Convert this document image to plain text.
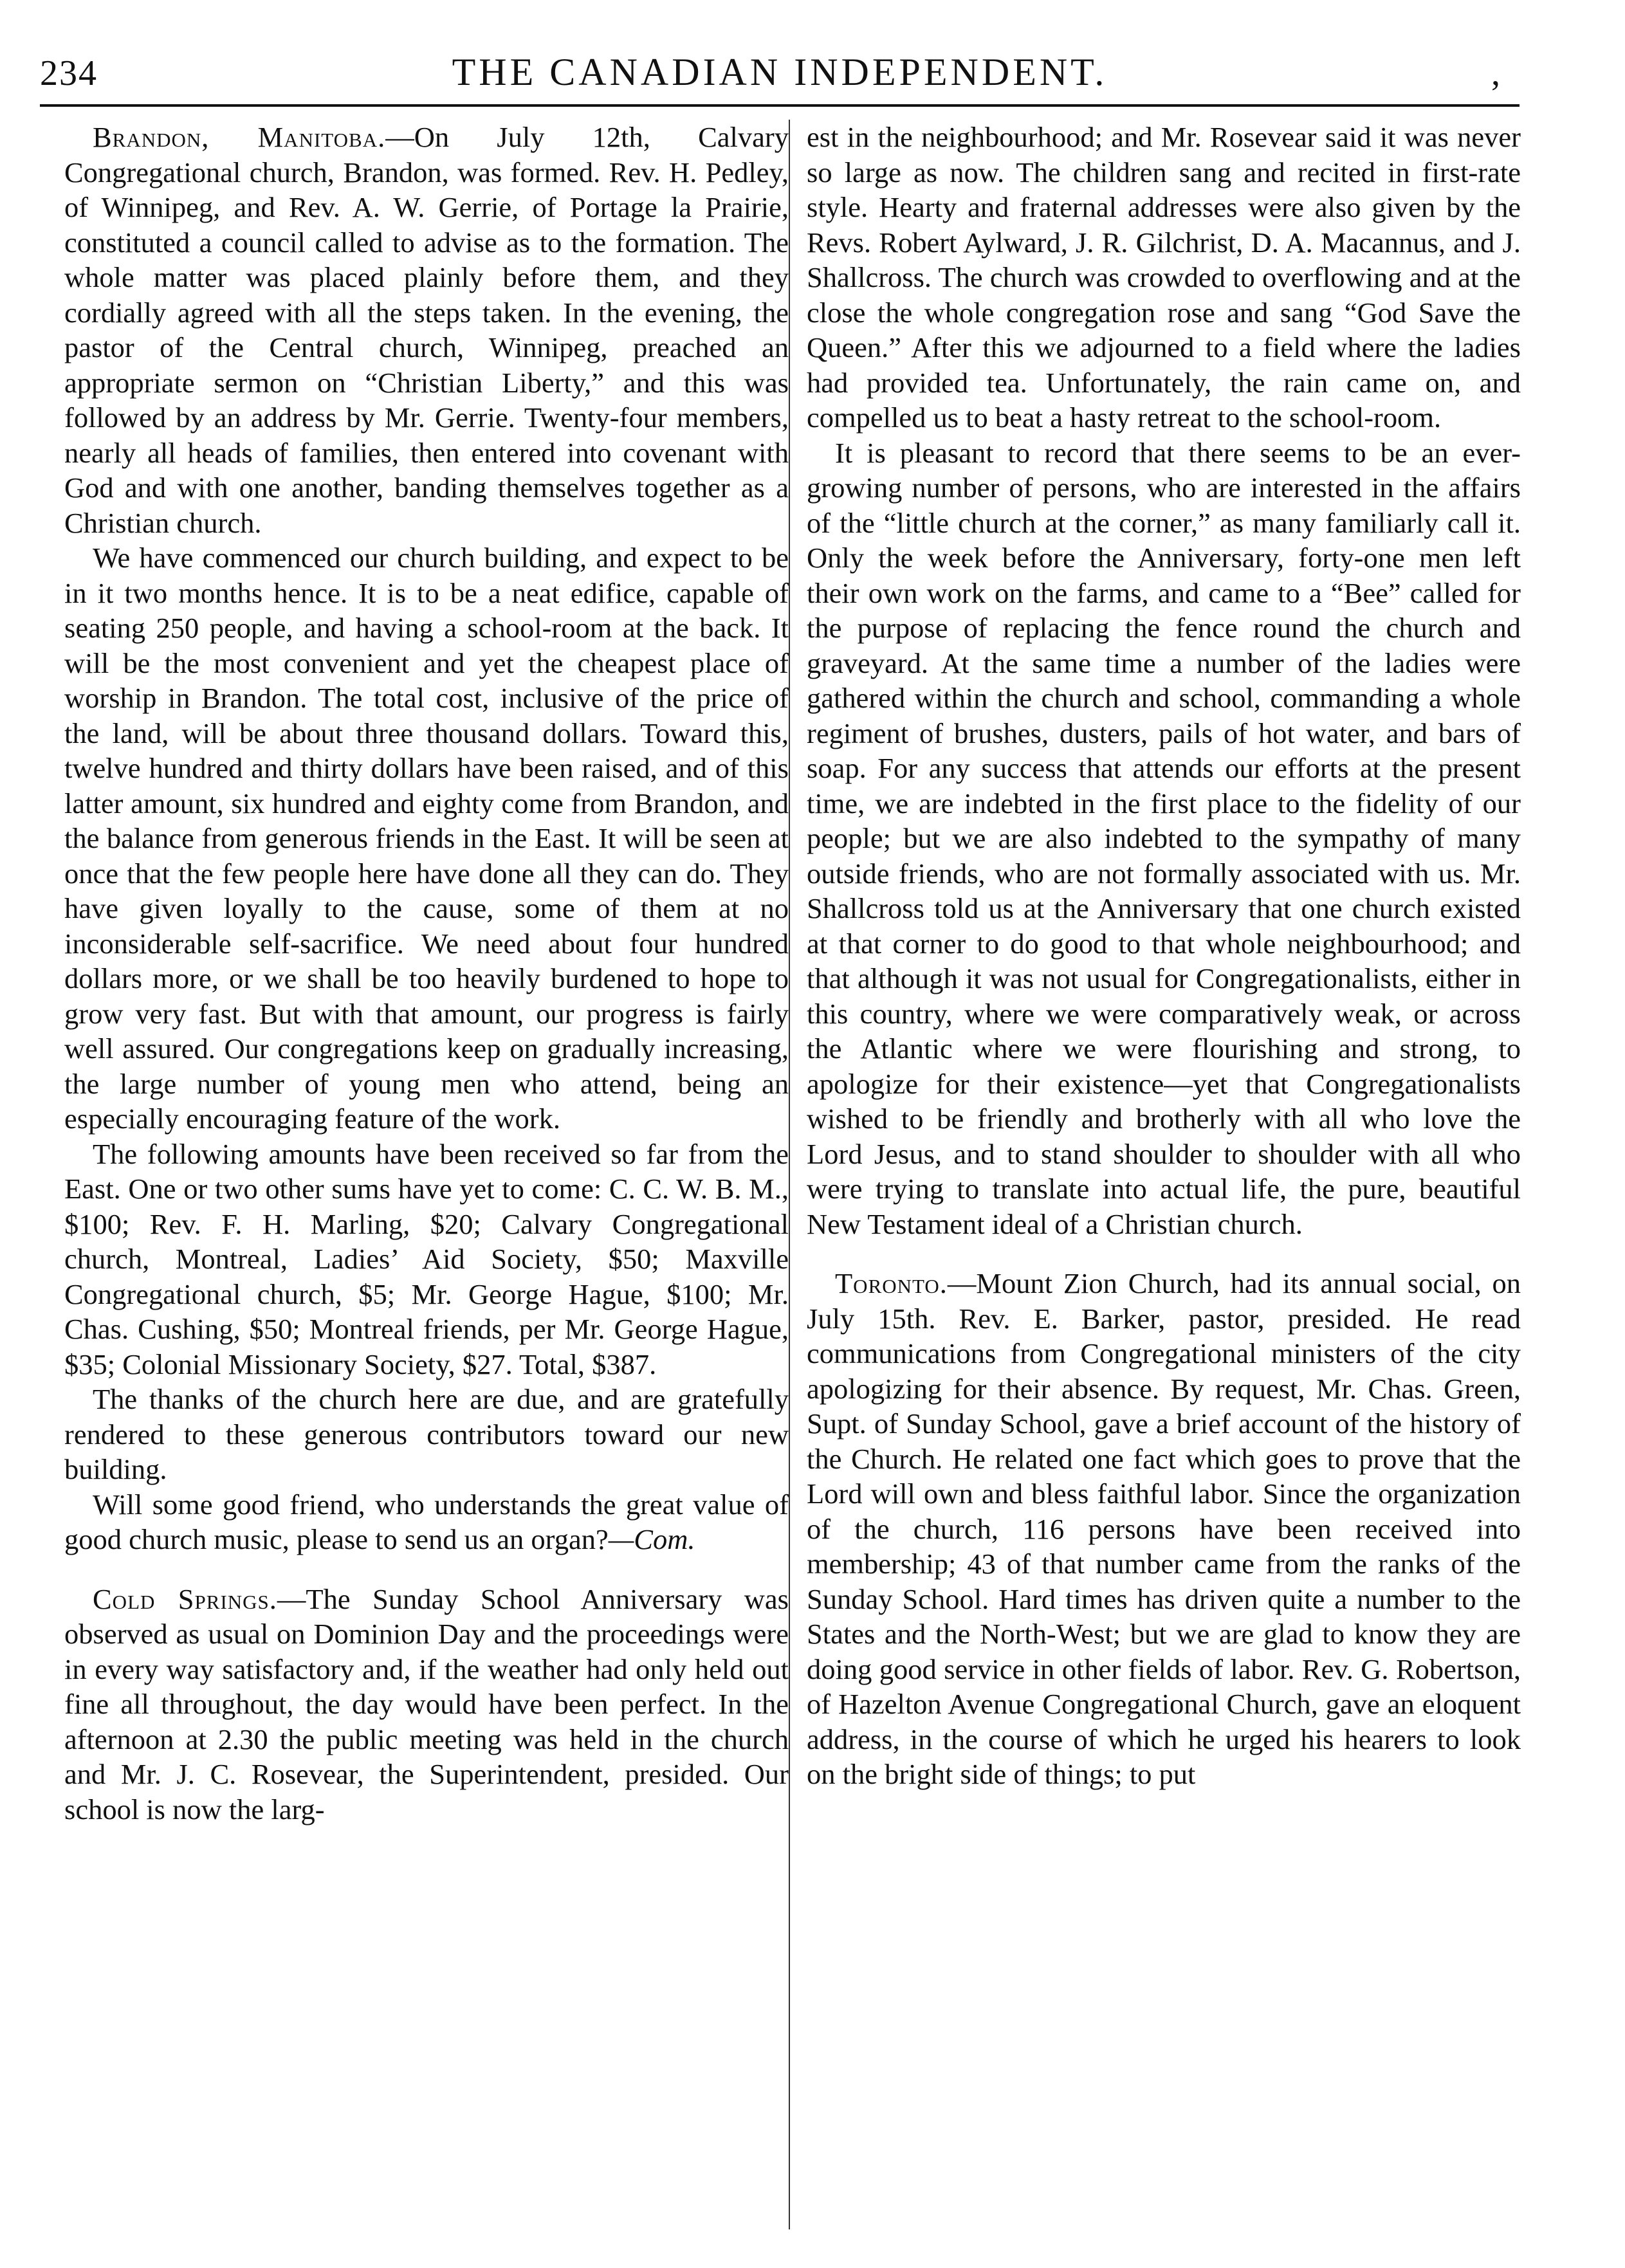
234	THE CANADIAN INDEPENDENT.	,

Brandon, Manitoba.—On July 12th, Calvary Congregational church, Brandon, was formed. Rev. H. Pedley, of Winnipeg, and Rev. A. W. Gerrie, of Portage la Prairie, constituted a council called to advise as to the formation. The whole matter was placed plainly before them, and they cordially agreed with all the steps taken. In the evening, the pastor of the Central church, Winnipeg, preached an appropriate sermon on “Christian Liberty,” and this was followed by an address by Mr. Gerrie. Twenty-four members, nearly all heads of families, then entered into covenant with God and with one another, banding themselves together as a Christian church.

We have commenced our church building, and expect to be in it two months hence. It is to be a neat edifice, capable of seating 250 people, and having a school-room at the back. It will be the most convenient and yet the cheapest place of worship in Brandon. The total cost, inclusive of the price of the land, will be about three thousand dollars. Toward this, twelve hundred and thirty dollars have been raised, and of this latter amount, six hundred and eighty come from Brandon, and the balance from generous friends in the East. It will be seen at once that the few people here have done all they can do. They have given loyally to the cause, some of them at no inconsiderable self-sacrifice. We need about four hundred dollars more, or we shall be too heavily burdened to hope to grow very fast. But with that amount, our progress is fairly well assured. Our congregations keep on gradually increasing, the large number of young men who attend, being an especially encouraging feature of the work.

The following amounts have been received so far from the East. One or two other sums have yet to come: C. C. W. B. M., $100; Rev. F. H. Marling, $20; Calvary Congregational church, Montreal, Ladies’ Aid Society, $50; Maxville Congregational church, $5; Mr. George Hague, $100; Mr. Chas. Cushing, $50; Montreal friends, per Mr. George Hague, $35; Colonial Missionary Society, $27. Total, $387.

The thanks of the church here are due, and are gratefully rendered to these generous contributors toward our new building.

Will some good friend, who understands the great value of good church music, please to send us an organ?—Com.

Cold Springs.—The Sunday School Anniversary was observed as usual on Dominion Day and the proceedings were in every way satisfactory and, if the weather had only held out fine all throughout, the day would have been perfect. In the afternoon at 2.30 the public meeting was held in the church and Mr. J. C. Rosevear, the Superintendent, presided. Our school is now the larg-

est in the neighbourhood; and Mr. Rosevear said it was never so large as now. The children sang and recited in first-rate style. Hearty and fraternal addresses were also given by the Revs. Robert Aylward, J. R. Gilchrist, D. A. Macannus, and J. Shallcross. The church was crowded to overflowing and at the close the whole congregation rose and sang “God Save the Queen.” After this we adjourned to a field where the ladies had provided tea. Unfortunately, the rain came on, and compelled us to beat a hasty retreat to the school-room.

It is pleasant to record that there seems to be an ever-growing number of persons, who are interested in the affairs of the “little church at the corner,” as many familiarly call it. Only the week before the Anniversary, forty-one men left their own work on the farms, and came to a “Bee” called for the purpose of replacing the fence round the church and graveyard. At the same time a number of the ladies were gathered within the church and school, commanding a whole regiment of brushes, dusters, pails of hot water, and bars of soap. For any success that attends our efforts at the present time, we are indebted in the first place to the fidelity of our people; but we are also indebted to the sympathy of many outside friends, who are not formally associated with us. Mr. Shallcross told us at the Anniversary that one church existed at that corner to do good to that whole neighbourhood; and that although it was not usual for Congregationalists, either in this country, where we were comparatively weak, or across the Atlantic where we were flourishing and strong, to apologize for their existence—yet that Congregationalists wished to be friendly and brotherly with all who love the Lord Jesus, and to stand shoulder to shoulder with all who were trying to translate into actual life, the pure, beautiful New Testament ideal of a Christian church.

Toronto.—Mount Zion Church, had its annual social, on July 15th. Rev. E. Barker, pastor, presided. He read communications from Congregational ministers of the city apologizing for their absence. By request, Mr. Chas. Green, Supt. of Sunday School, gave a brief account of the history of the Church. He related one fact which goes to prove that the Lord will own and bless faithful labor. Since the organization of the church, 116 persons have been received into membership; 43 of that number came from the ranks of the Sunday School. Hard times has driven quite a number to the States and the North-West; but we are glad to know they are doing good service in other fields of labor. Rev. G. Robertson, of Hazelton Avenue Congregational Church, gave an eloquent address, in the course of which he urged his hearers to look on the bright side of things; to put
